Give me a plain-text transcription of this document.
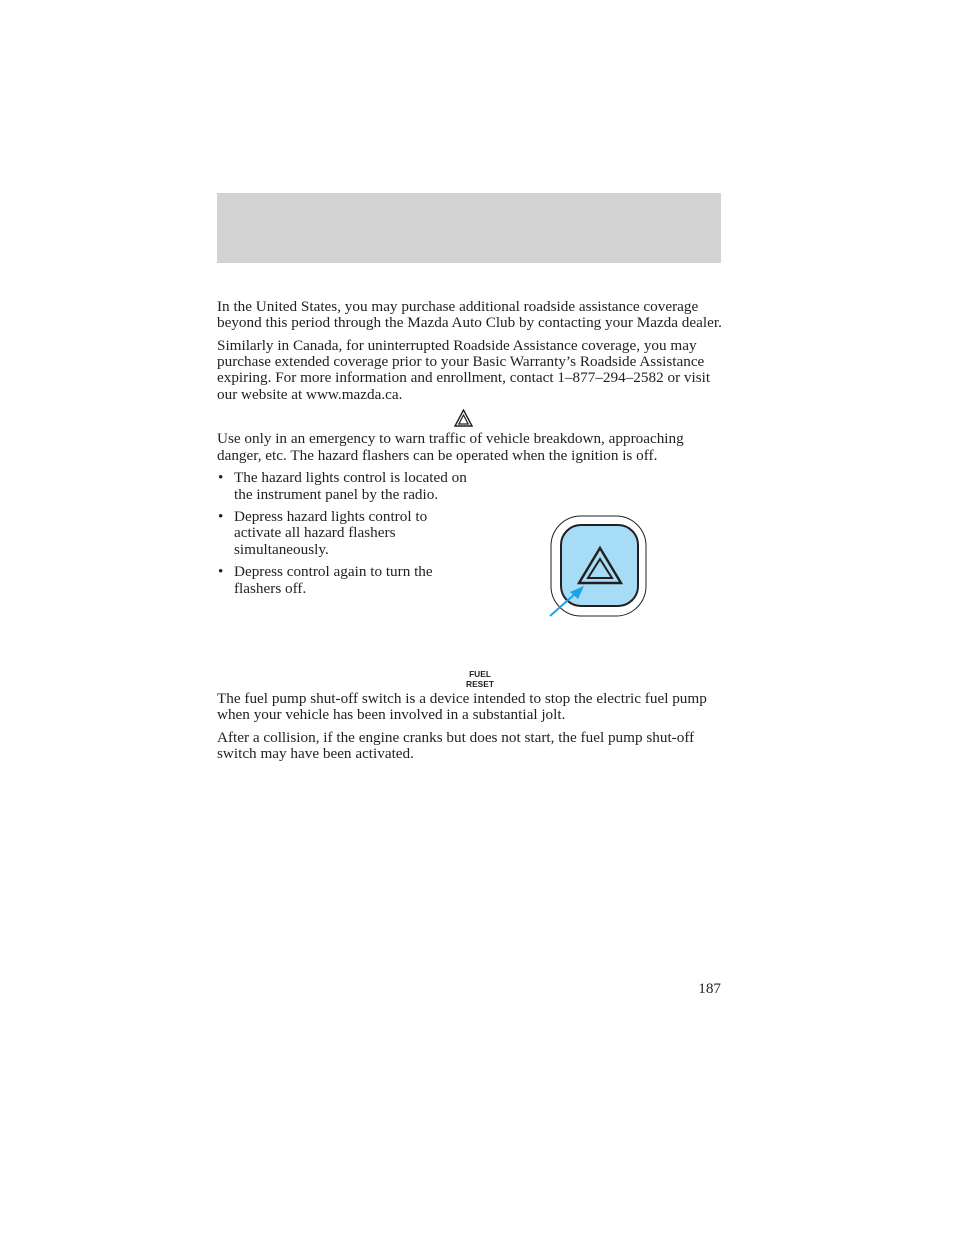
In the United States, you may purchase additional roadside assistance coverage beyond this period through the Mazda Auto Club by contacting your Mazda dealer.

Similarly in Canada, for uninterrupted Roadside Assistance coverage, you may purchase extended coverage prior to your Basic Warranty’s Roadside Assistance expiring. For more information and enrollment, contact 1–877–294–2582 or visit our website at www.mazda.ca.

Use only in an emergency to warn traffic of vehicle breakdown, approaching danger, etc. The hazard flashers can be operated when the ignition is off.

• The hazard lights control is located on the instrument panel by the radio.
• Depress hazard lights control to activate all hazard flashers simultaneously.
• Depress control again to turn the flashers off.
FUEL
RESET

The fuel pump shut-off switch is a device intended to stop the electric fuel pump when your vehicle has been involved in a substantial jolt.

After a collision, if the engine cranks but does not start, the fuel pump shut-off switch may have been activated.

187
